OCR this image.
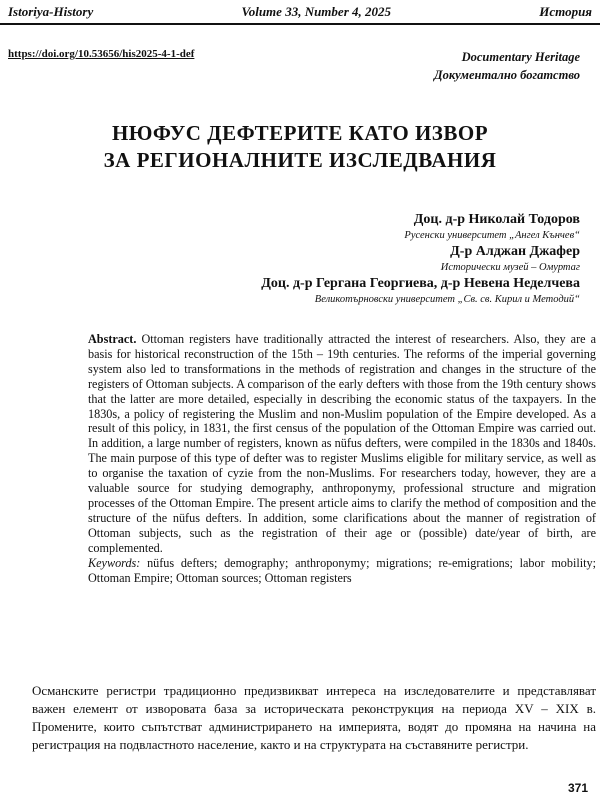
Istoriya-History	Volume 33, Number 4, 2025	История
https://doi.org/10.53656/his2025-4-1-def	Documentary Heritage
Документално богатство
НЮФУС ДЕФТЕРИТЕ КАТО ИЗВОР
ЗА РЕГИОНАЛНИТЕ ИЗСЛЕДВАНИЯ
Доц. д-р Николай Тодоров
Русенски университет „Ангел Кънчев“
Д-р Алджан Джафер
Исторически музей – Омуртаг
Доц. д-р Гергана Георгиева, д-р Невена Неделчева
Великотърновски университет „Св. св. Кирил и Методий“
Abstract. Ottoman registers have traditionally attracted the interest of researchers. Also, they are a basis for historical reconstruction of the 15th – 19th centuries. The reforms of the imperial governing system also led to transformations in the methods of registration and changes in the structure of the registers of Ottoman subjects. A comparison of the early defters with those from the 19th century shows that the latter are more detailed, especially in describing the economic status of the taxpayers. In the 1830s, a policy of registering the Muslim and non-Muslim population of the Empire developed. As a result of this policy, in 1831, the first census of the population of the Ottoman Empire was carried out. In addition, a large number of registers, known as nüfus defters, were compiled in the 1830s and 1840s. The main purpose of this type of defter was to register Muslims eligible for military service, as well as to organise the taxation of cyzie from the non-Muslims. For researchers today, however, they are a valuable source for studying demography, anthroponymy, professional structure and migration processes of the Ottoman Empire. The present article aims to clarify the method of composition and the structure of the nüfus defters. In addition, some clarifications about the manner of registration of Ottoman subjects, such as the registration of their age or (possible) date/year of birth, are complemented.
Keywords: nüfus defters; demography; anthroponymy; migrations; re-emigrations; labor mobility; Ottoman Empire; Ottoman sources; Ottoman registers
Османските регистри традиционно предизвикват интереса на изследователите и представляват важен елемент от изворовата база за историческата реконструкция на периода XV – XIX в. Промените, които съпътстват администрирането на империята, водят до промяна на начина на регистрация на подвластното население, както и на структурата на съставяните регистри.
371
